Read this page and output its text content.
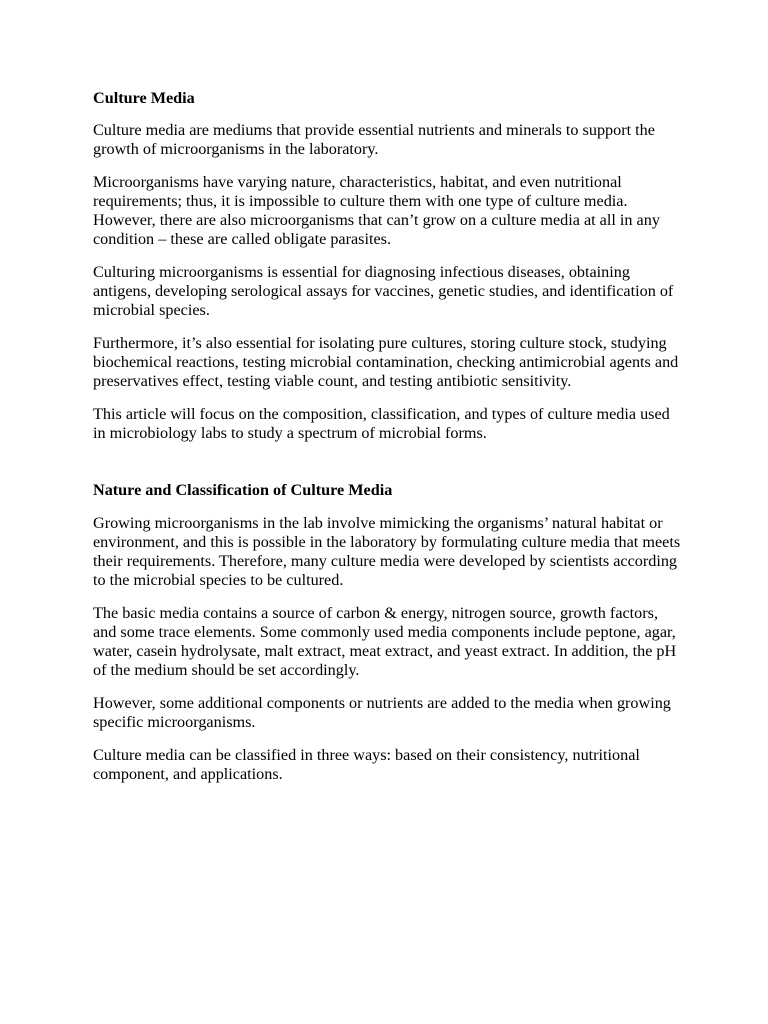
Culture Media

Culture media are mediums that provide essential nutrients and minerals to support the growth of microorganisms in the laboratory.

Microorganisms have varying nature, characteristics, habitat, and even nutritional requirements; thus, it is impossible to culture them with one type of culture media. However, there are also microorganisms that can’t grow on a culture media at all in any condition – these are called obligate parasites.

Culturing microorganisms is essential for diagnosing infectious diseases, obtaining antigens, developing serological assays for vaccines, genetic studies, and identification of microbial species.

Furthermore, it’s also essential for isolating pure cultures, storing culture stock, studying biochemical reactions, testing microbial contamination, checking antimicrobial agents and preservatives effect, testing viable count, and testing antibiotic sensitivity.

This article will focus on the composition, classification, and types of culture media used in microbiology labs to study a spectrum of microbial forms.

Nature and Classification of Culture Media

Growing microorganisms in the lab involve mimicking the organisms’ natural habitat or environment, and this is possible in the laboratory by formulating culture media that meets their requirements. Therefore, many culture media were developed by scientists according to the microbial species to be cultured.

The basic media contains a source of carbon & energy, nitrogen source, growth factors, and some trace elements. Some commonly used media components include peptone, agar, water, casein hydrolysate, malt extract, meat extract, and yeast extract. In addition, the pH of the medium should be set accordingly.

However, some additional components or nutrients are added to the media when growing specific microorganisms.

Culture media can be classified in three ways: based on their consistency, nutritional component, and applications.
